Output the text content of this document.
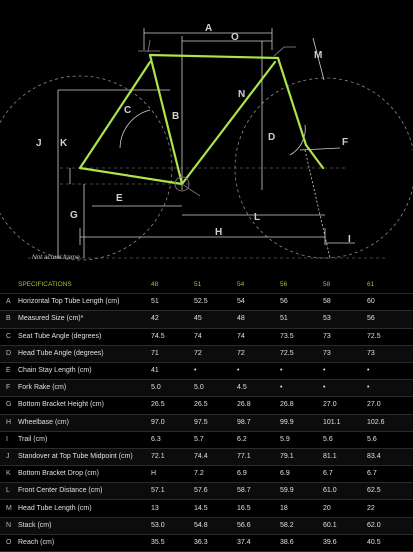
A
O
M
N
B
C
J K
D	F
G
E
L
H
I
Not actual frame.
	SPECIFICATIONS	48	51	54	56	58	61
A	Horizontal Top Tube Length (cm)	51	52.5	54	56	58	60
B	Measured Size (cm)*	42	45	48	51	53	56
C	Seat Tube Angle (degrees)	74.5	74	74	73.5	73	72.5
D	Head Tube Angle (degrees)	71	72	72	72.5	73	73
E	Chain Stay Length (cm)	41	•	•	•	•	•
F	Fork Rake (cm)	5.0	5.0	4.5	•	•	•
G	Bottom Bracket Height (cm)	26.5	26.5	26.8	26.8	27.0	27.0
H	Wheelbase (cm)	97.0	97.5	98.7	99.9	101.1	102.6
I	Trail (cm)	6.3	5.7	6.2	5.9	5.6	5.6
J	Standover at Top Tube Midpoint (cm)	72.1	74.4	77.1	79.1	81.1	83.4
K	Bottom Bracket Drop (cm)	H	7.2	6.9	6.9	6.7	6.7
L	Front Center Distance (cm)	57.1	57.6	58.7	59.9	61.0	62.5
M	Head Tube Length (cm)	13	14.5	16.5	18	20	22
N	Stack (cm)	53.0	54.8	56.6	58.2	60.1	62.0
O	Reach (cm)	35.5	36.3	37.4	38.6	39.6	40.5
